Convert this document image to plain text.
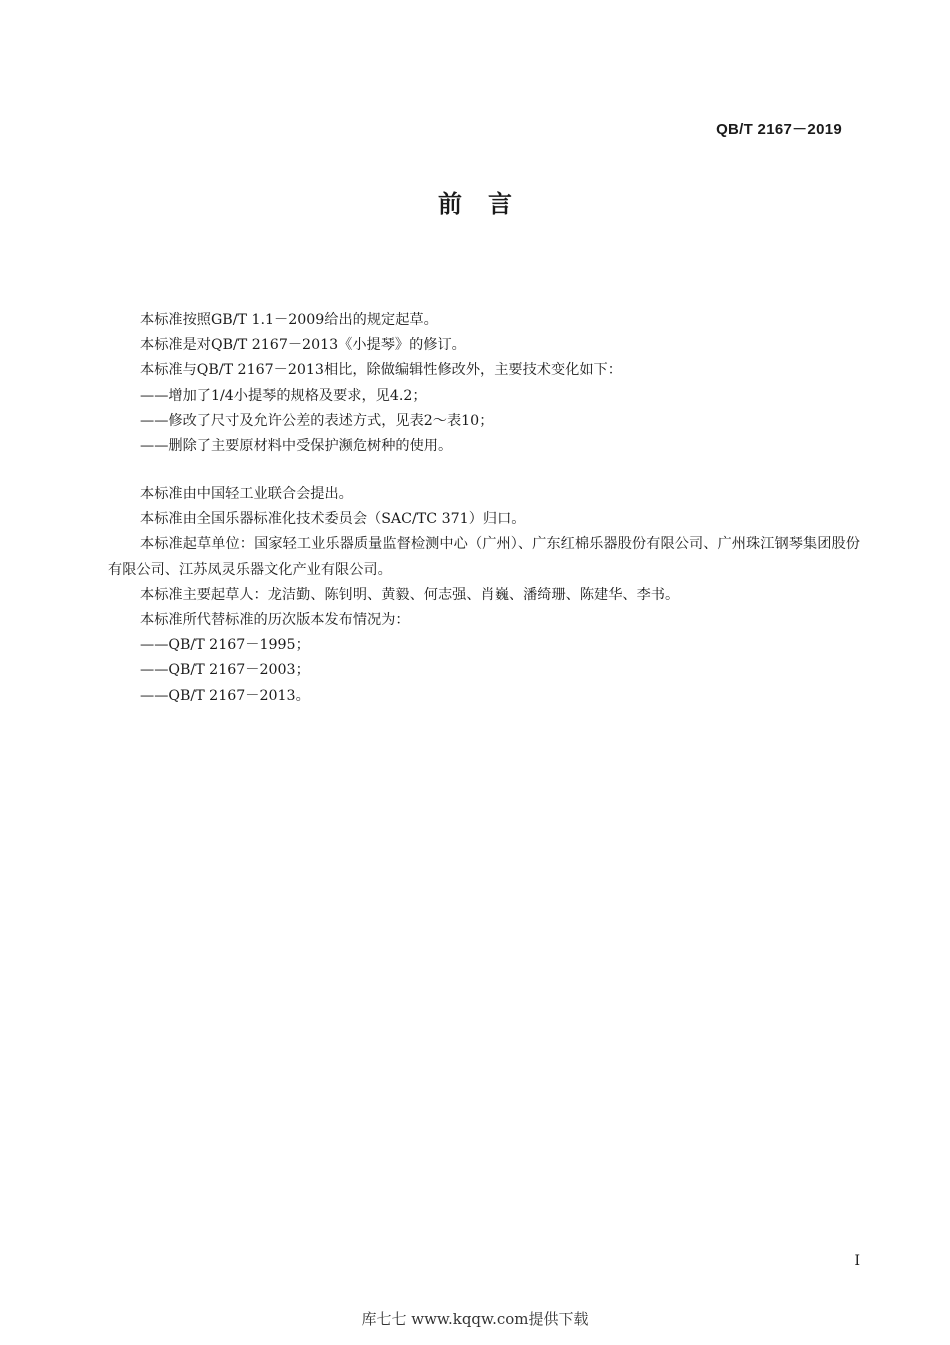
QB/T 2167－2019
前言

本标准按照GB/T 1.1－2009给出的规定起草。

本标准是对QB/T 2167－2013《小提琴》的修订。

本标准与QB/T 2167－2013相比，除做编辑性修改外，主要技术变化如下：

——增加了1/4小提琴的规格及要求，见4.2；

——修改了尺寸及允许公差的表述方式，见表2～表10；

——删除了主要原材料中受保护濒危树种的使用。

本标准由中国轻工业联合会提出。

本标准由全国乐器标准化技术委员会（SAC/TC 371）归口。

本标准起草单位：国家轻工业乐器质量监督检测中心（广州）、广东红棉乐器股份有限公司、广州珠江钢琴集团股份有限公司、江苏凤灵乐器文化产业有限公司。

本标准主要起草人：龙洁勤、陈钊明、黄毅、何志强、肖巍、潘绮珊、陈建华、李书。

本标准所代替标准的历次版本发布情况为：

——QB/T 2167－1995；

——QB/T 2167－2003；

——QB/T 2167－2013。

I
库七七 www.kqqw.com提供下载
